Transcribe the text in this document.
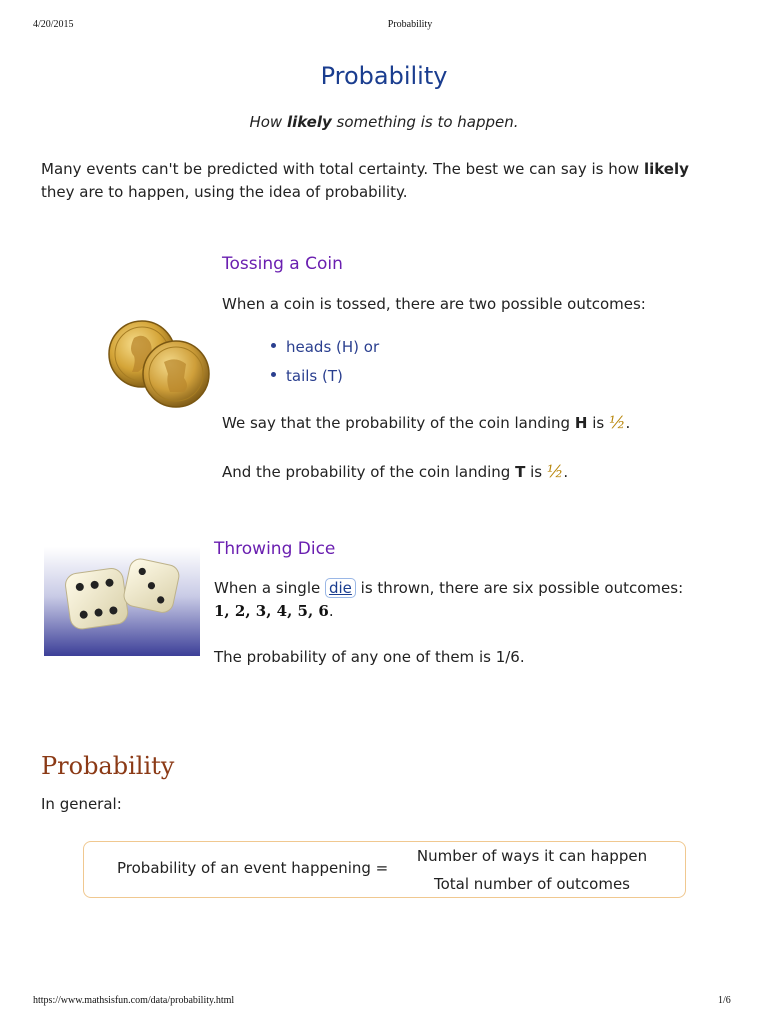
4/20/2015	Probability
Probability
How likely something is to happen.
Many events can't be predicted with total certainty. The best we can say is how likely
they are to happen, using the idea of probability.
Tossing a Coin
When a coin is tossed, there are two possible outcomes:
heads (H) or
tails (T)
We say that the probability of the coin landing H is ½.
And the probability of the coin landing T is ½.
Throwing Dice
When a single die is thrown, there are six possible outcomes:
1, 2, 3, 4, 5, 6.
The probability of any one of them is 1/6.
Probability
In general:
Probability of an event happening =
Number of ways it can happen
Total number of outcomes
https://www.mathsisfun.com/data/probability.html	1/6
